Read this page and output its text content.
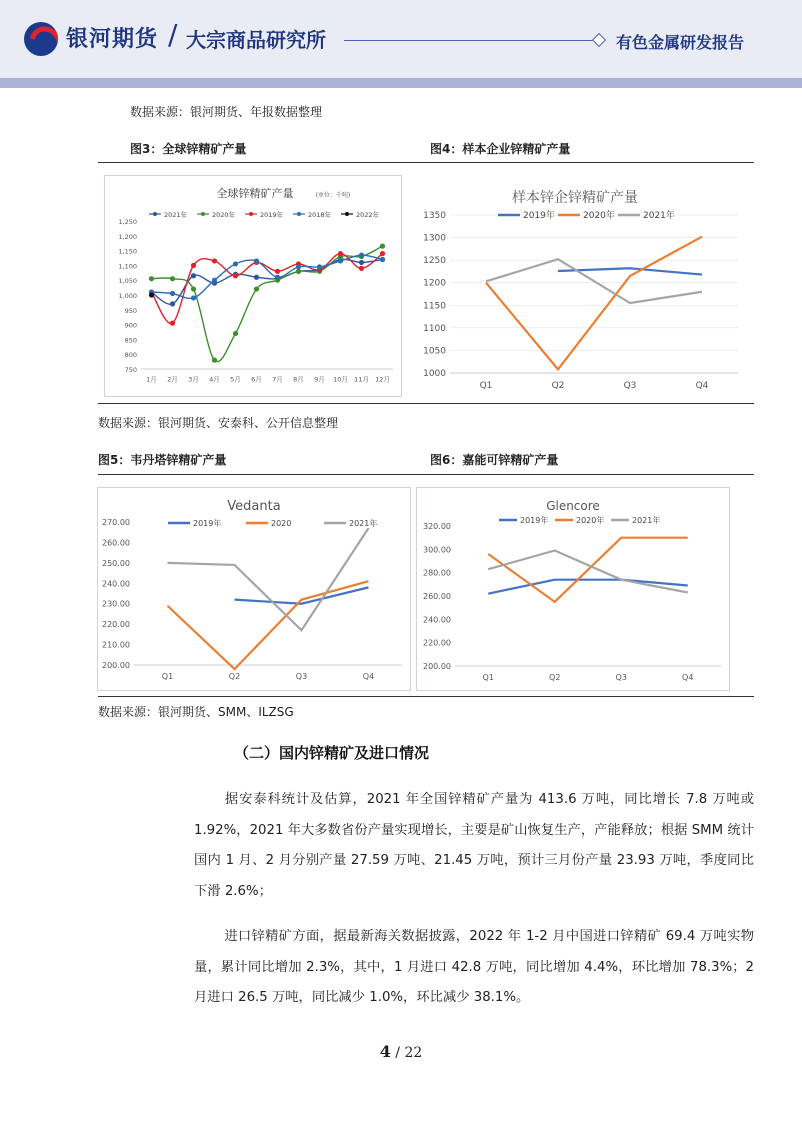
银河期货 / 大宗商品研究所	有色金属研发报告
数据来源：银河期货、年报数据整理
图3：全球锌精矿产量	图4：样本企业锌精矿产量
全球锌精矿产量	(单位：千吨)
1,250
1,200
1,150
1,100
1,050
1,000
950
900
850
800
750
1月 2月 3月 4月 5月 6月 7月 8月 9月 10月 11月 12月
2021年	2020年	2019年	2018年	2022年
样本锌企锌精矿产量
1350
1300
1250
1200
1150
1100
1050
1000
Q1	Q2	Q3	Q4
2019年	2020年	2021年
数据来源：银河期货、安泰科、公开信息整理
图5：韦丹塔锌精矿产量	图6：嘉能可锌精矿产量
Vedanta
270.00
260.00
250.00
240.00
230.00
220.00
210.00
200.00
Q1	Q2	Q3	Q4
2019年	2020	2021年
Glencore
320.00
300.00
280.00
260.00
240.00
220.00
200.00
Q1	Q2	Q3	Q4
2019年	2020年	2021年
数据来源：银河期货、SMM、ILZSG
（二）国内锌精矿及进口情况
据安泰科统计及估算，2021 年全国锌精矿产量为 413.6 万吨，同比增长 7.8 万吨或 1.92%，2021 年大多数省份产量实现增长，主要是矿山恢复生产，产能释放；根据 SMM 统计国内 1 月、2 月分别产量 27.59 万吨、21.45 万吨，预计三月份产量 23.93 万吨，季度同比下滑 2.6%；
进口锌精矿方面，据最新海关数据披露，2022 年 1-2 月中国进口锌精矿 69.4 万吨实物量，累计同比增加 2.3%，其中，1 月进口 42.8 万吨，同比增加 4.4%，环比增加 78.3%；2 月进口 26.5 万吨，同比减少 1.0%，环比减少 38.1%。
4 / 22
